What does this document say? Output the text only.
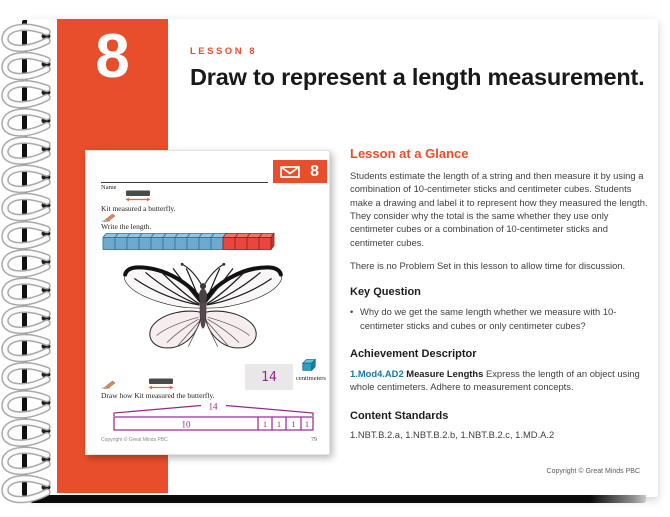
8	LESSON 8
Draw to represent a length measurement.
8
Name
Kit measured a butterfly.
Write the length.
14	centimeters
Draw how Kit measured the butterfly.
14
10	1 1 1 1
Copyright © Great Minds PBC	79
Lesson at a Glance

Students estimate the length of a string and then measure it by using a combination of 10-centimeter sticks and centimeter cubes. Students make a drawing and label it to represent how they measured the length. They consider why the total is the same whether they use only centimeter cubes or a combination of 10-centimeter sticks and centimeter cubes.

There is no Problem Set in this lesson to allow time for discussion.

Key Question
• Why do we get the same length whether we measure with 10-centimeter sticks and cubes or only centimeter cubes?
Achievement Descriptor

1.Mod4.AD2 Measure Lengths Express the length of an object using whole centimeters. Adhere to measurement concepts.

Content Standards

1.NBT.B.2.a, 1.NBT.B.2.b, 1.NBT.B.2.c, 1.MD.A.2

Copyright © Great Minds PBC
